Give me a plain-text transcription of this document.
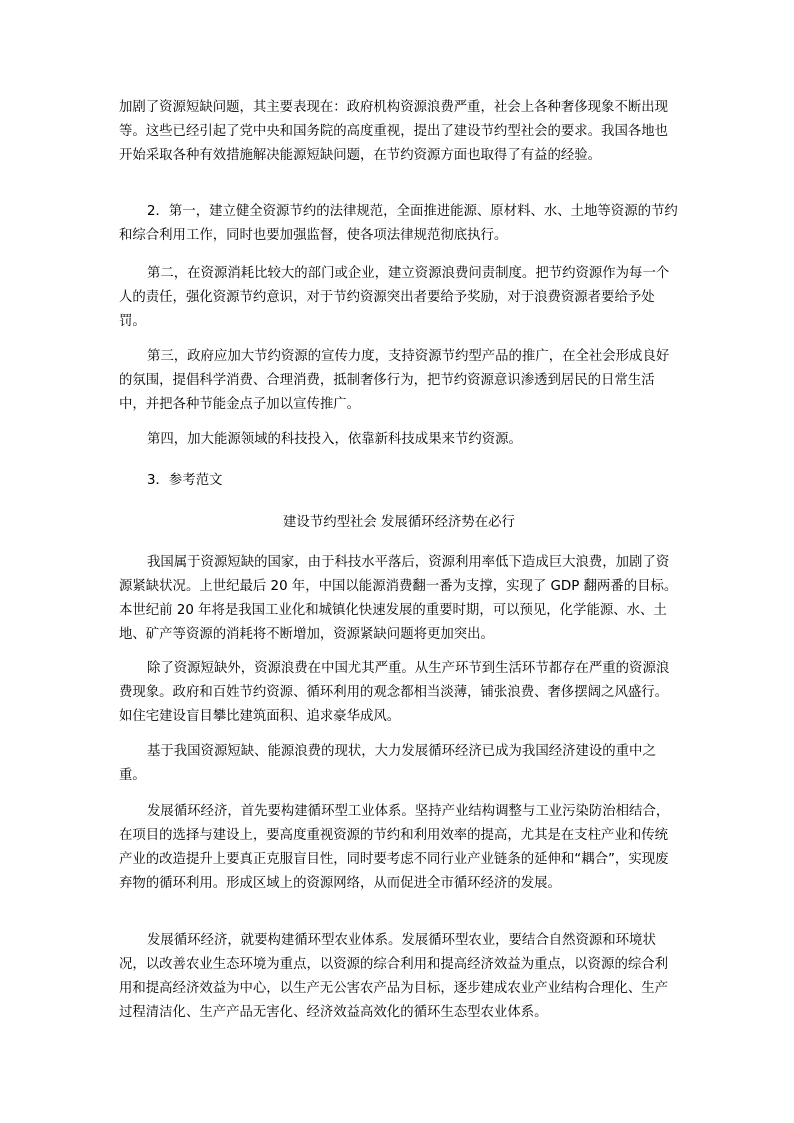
加剧了资源短缺问题，其主要表现在：政府机构资源浪费严重，社会上各种奢侈现象不断出现等。这些已经引起了党中央和国务院的高度重视，提出了建设节约型社会的要求。我国各地也开始采取各种有效措施解决能源短缺问题，在节约资源方面也取得了有益的经验。

2．第一，建立健全资源节约的法律规范，全面推进能源、原材料、水、土地等资源的节约和综合利用工作，同时也要加强监督，使各项法律规范彻底执行。

第二，在资源消耗比较大的部门或企业，建立资源浪费问责制度。把节约资源作为每一个人的责任，强化资源节约意识，对于节约资源突出者要给予奖励，对于浪费资源者要给予处罚。

第三，政府应加大节约资源的宣传力度，支持资源节约型产品的推广，在全社会形成良好的氛围，提倡科学消费、合理消费，抵制奢侈行为，把节约资源意识渗透到居民的日常生活中，并把各种节能金点子加以宣传推广。

第四，加大能源领域的科技投入，依靠新科技成果来节约资源。

3．参考范文

建设节约型社会 发展循环经济势在必行

我国属于资源短缺的国家，由于科技水平落后，资源利用率低下造成巨大浪费，加剧了资源紧缺状况。上世纪最后 20 年，中国以能源消费翻一番为支撑，实现了 GDP 翻两番的目标。本世纪前 20 年将是我国工业化和城镇化快速发展的重要时期，可以预见，化学能源、水、土地、矿产等资源的消耗将不断增加，资源紧缺问题将更加突出。

除了资源短缺外，资源浪费在中国尤其严重。从生产环节到生活环节都存在严重的资源浪费现象。政府和百姓节约资源、循环利用的观念都相当淡薄，铺张浪费、奢侈摆阔之风盛行。如住宅建设盲目攀比建筑面积、追求豪华成风。

基于我国资源短缺、能源浪费的现状，大力发展循环经济已成为我国经济建设的重中之重。

发展循环经济，首先要构建循环型工业体系。坚持产业结构调整与工业污染防治相结合，在项目的选择与建设上，要高度重视资源的节约和利用效率的提高，尤其是在支柱产业和传统产业的改造提升上要真正克服盲目性，同时要考虑不同行业产业链条的延伸和“耦合”，实现废弃物的循环利用。形成区域上的资源网络，从而促进全市循环经济的发展。

发展循环经济，就要构建循环型农业体系。发展循环型农业，要结合自然资源和环境状况，以改善农业生态环境为重点，以资源的综合利用和提高经济效益为重点，以资源的综合利用和提高经济效益为中心，以生产无公害农产品为目标，逐步建成农业产业结构合理化、生产过程清洁化、生产产品无害化、经济效益高效化的循环生态型农业体系。
